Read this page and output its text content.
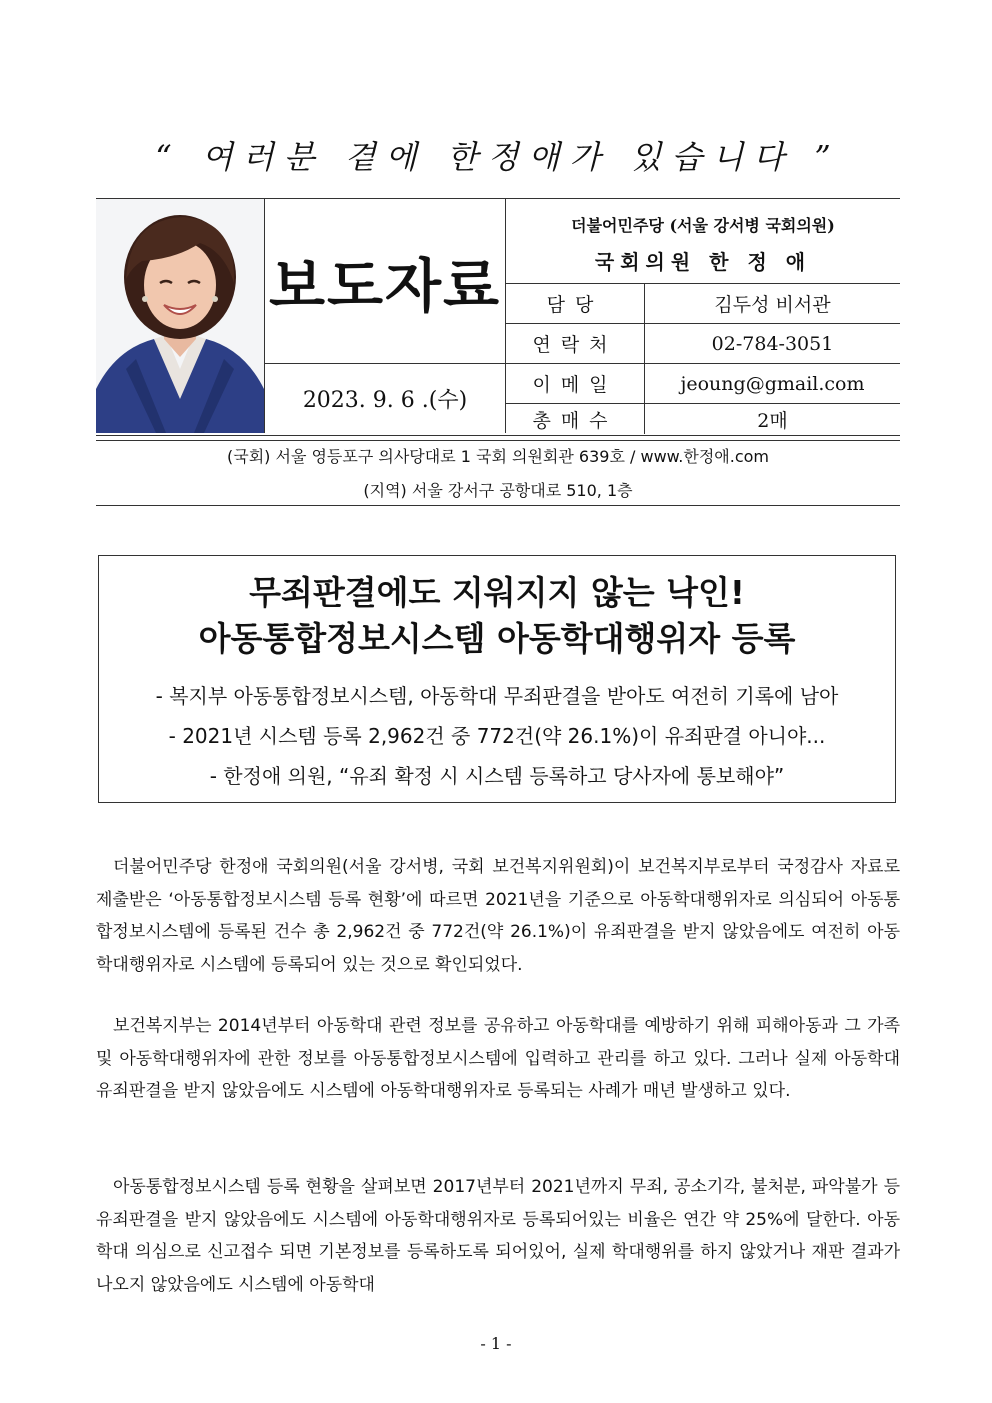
“ 여러분 곁에 한정애가 있습니다 ”
보도자료
2023. 9. 6 .(수)
더불어민주당 (서울 강서병 국회의원)
국회의원 한 정 애
담당	김두성 비서관
연락처	02-784-3051
이메일	jeoung@gmail.com
총매수	2매
(국회) 서울 영등포구 의사당대로 1 국회 의원회관 639호 / www.한정애.com
(지역) 서울 강서구 공항대로 510, 1층
무죄판결에도 지워지지 않는 낙인!
아동통합정보시스템 아동학대행위자 등록
- 복지부 아동통합정보시스템, 아동학대 무죄판결을 받아도 여전히 기록에 남아
- 2021년 시스템 등록 2,962건 중 772건(약 26.1%)이 유죄판결 아니야...
- 한정애 의원, “유죄 확정 시 시스템 등록하고 당사자에 통보해야”
더불어민주당 한정애 국회의원(서울 강서병, 국회 보건복지위원회)이 보건복지부로부터 국정감사 자료로 제출받은 ‘아동통합정보시스템 등록 현황’에 따르면 2021년을 기준으로 아동학대행위자로 의심되어 아동통합정보시스템에 등록된 건수 총 2,962건 중 772건(약 26.1%)이 유죄판결을 받지 않았음에도 여전히 아동학대행위자로 시스템에 등록되어 있는 것으로 확인되었다.
보건복지부는 2014년부터 아동학대 관련 정보를 공유하고 아동학대를 예방하기 위해 피해아동과 그 가족 및 아동학대행위자에 관한 정보를 아동통합정보시스템에 입력하고 관리를 하고 있다. 그러나 실제 아동학대 유죄판결을 받지 않았음에도 시스템에 아동학대행위자로 등록되는 사례가 매년 발생하고 있다.
아동통합정보시스템 등록 현황을 살펴보면 2017년부터 2021년까지 무죄, 공소기각, 불처분, 파악불가 등 유죄판결을 받지 않았음에도 시스템에 아동학대행위자로 등록되어있는 비율은 연간 약 25%에 달한다. 아동학대 의심으로 신고접수 되면 기본정보를 등록하도록 되어있어, 실제 학대행위를 하지 않았거나 재판 결과가 나오지 않았음에도 시스템에 아동학대
- 1 -
